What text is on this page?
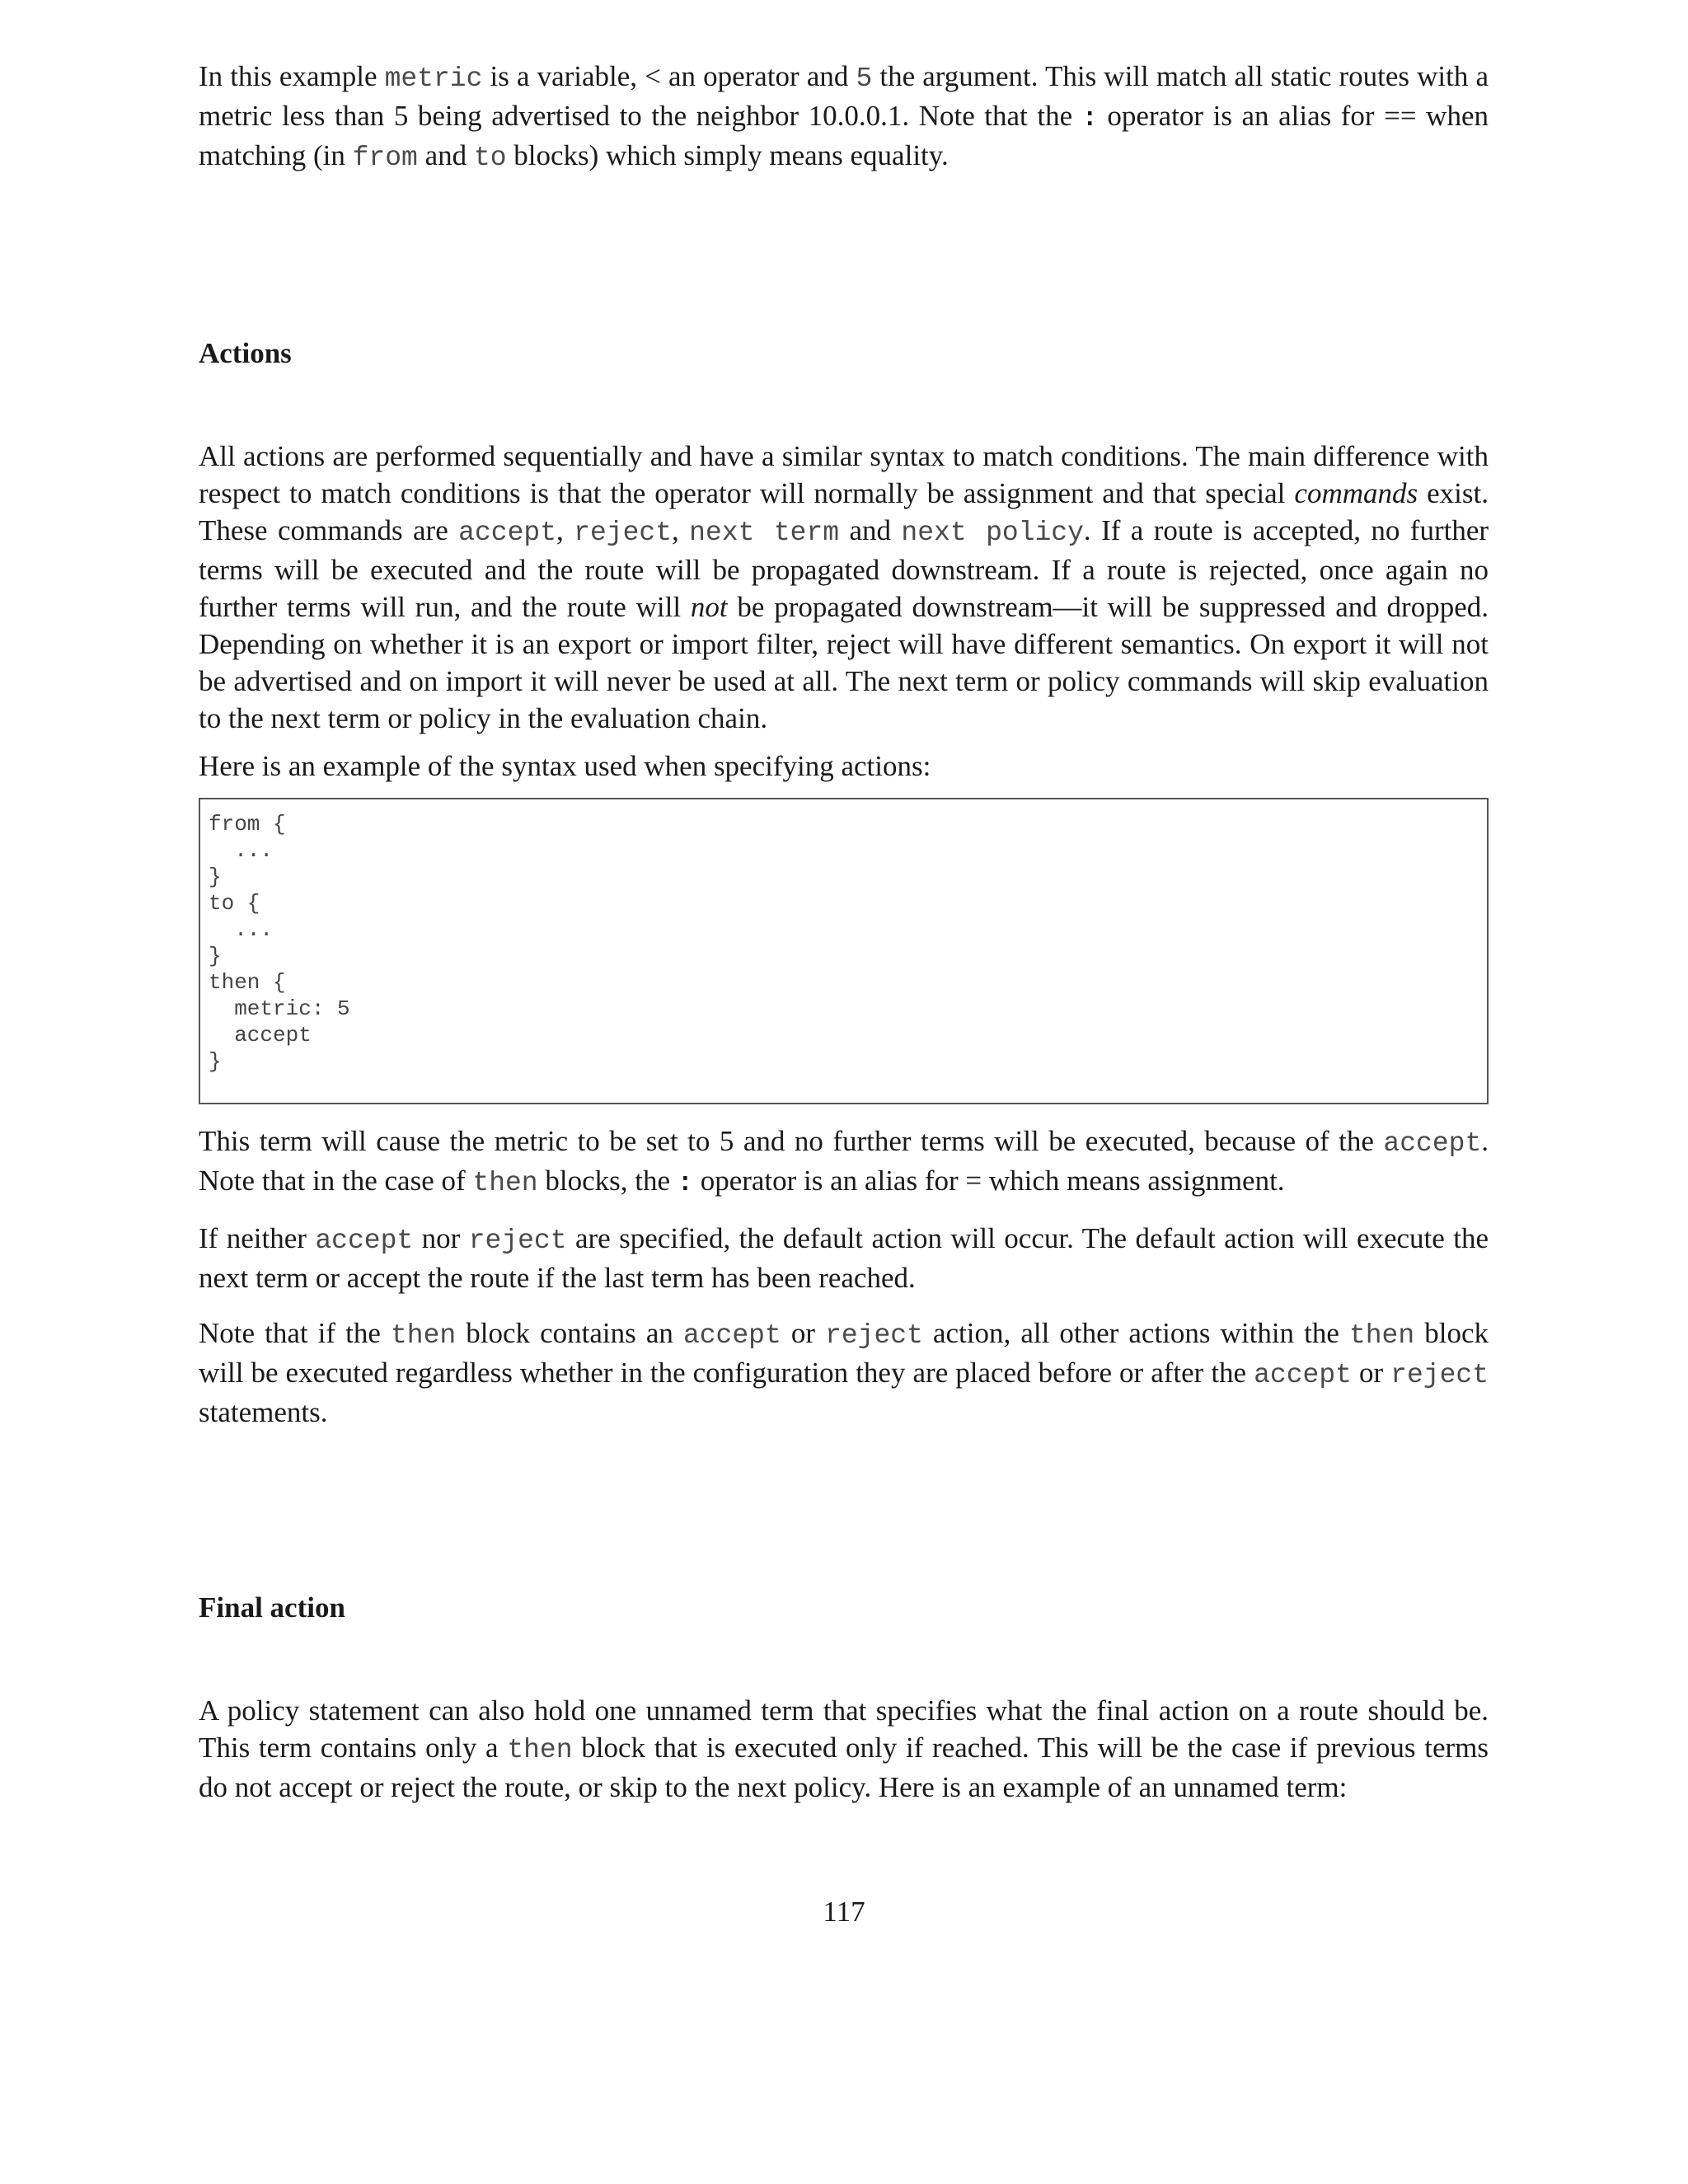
In this example metric is a variable, < an operator and 5 the argument. This will match all static routes with a metric less than 5 being advertised to the neighbor 10.0.0.1. Note that the : operator is an alias for == when matching (in from and to blocks) which simply means equality.

Actions

All actions are performed sequentially and have a similar syntax to match conditions. The main difference with respect to match conditions is that the operator will normally be assignment and that special commands exist. These commands are accept, reject, next term and next policy. If a route is accepted, no further terms will be executed and the route will be propagated downstream. If a route is rejected, once again no further terms will run, and the route will not be propagated downstream—it will be suppressed and dropped. Depending on whether it is an export or import filter, reject will have different semantics. On export it will not be advertised and on import it will never be used at all. The next term or policy commands will skip evaluation to the next term or policy in the evaluation chain.

Here is an example of the syntax used when specifying actions:

from {
...
}
to {
...
}
then {
metric: 5
accept
}

This term will cause the metric to be set to 5 and no further terms will be executed, because of the accept. Note that in the case of then blocks, the : operator is an alias for = which means assignment.

If neither accept nor reject are specified, the default action will occur. The default action will execute the next term or accept the route if the last term has been reached.

Note that if the then block contains an accept or reject action, all other actions within the then block will be executed regardless whether in the configuration they are placed before or after the accept or reject statements.

Final action

A policy statement can also hold one unnamed term that specifies what the final action on a route should be. This term contains only a then block that is executed only if reached. This will be the case if previous terms do not accept or reject the route, or skip to the next policy. Here is an example of an unnamed term:

117
